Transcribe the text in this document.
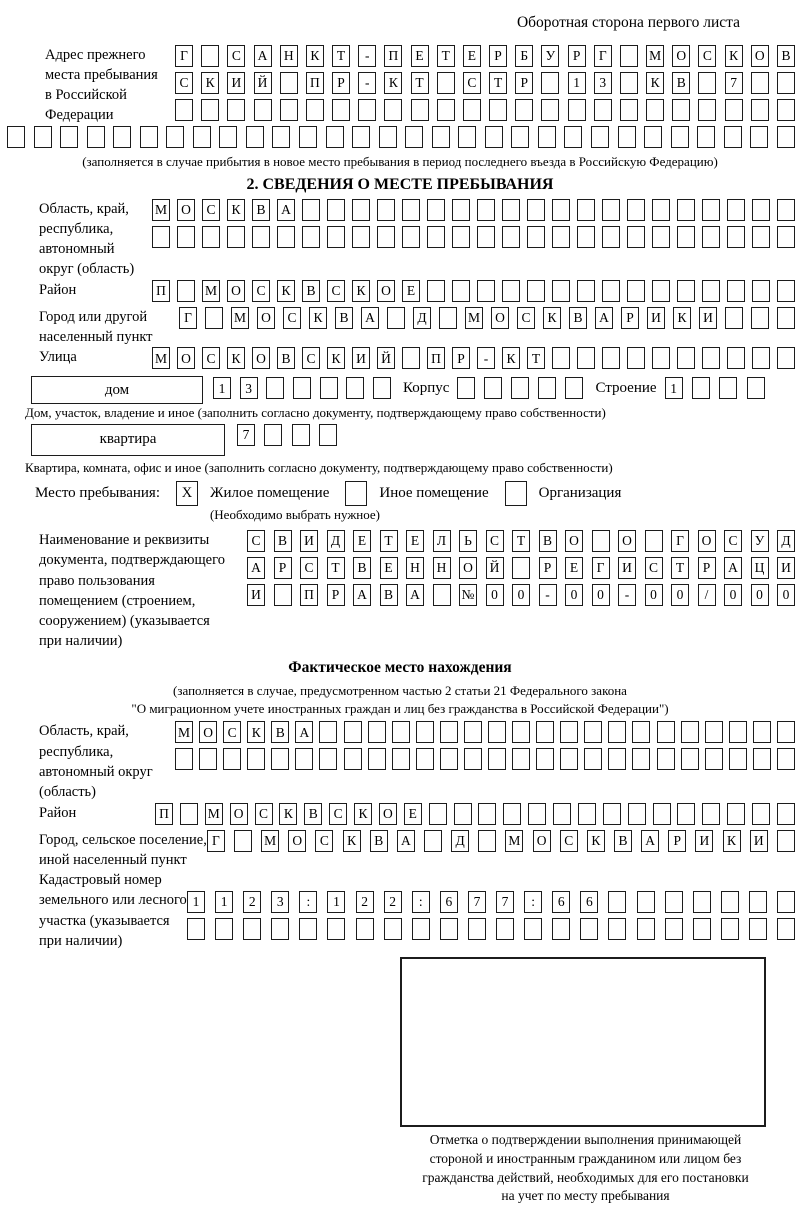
Оборотная сторона первого листа
Адрес прежнего
места пребывания
в Российской
Федерации
Г	С	А	Н	К	Т	-	П	Е	Т	Е	Р	Б	У	Р	Г	М	О	С	К	О	В
С	К	И	Й	П	Р	-	К	Т	С	Т	Р	1	3	К	В	7
(заполняется в случае прибытия в новое место пребывания в период последнего въезда в Российскую Федерацию)
2. СВЕДЕНИЯ О МЕСТЕ ПРЕБЫВАНИЯ
Область, край,
республика,
автономный
округ (область)
М	О	С	К	В	А
Район	П	М	О	С	К	В	С	К	О	Е
Город или другой
населенный пункт
Г	М	О	С	К	В	А	Д	М	О	С	К	В	А	Р	И	К	И
Улица	М	О	С	К	О	В	С	К	И	Й	П	Р	-	К	Т
дом	1	3	Корпус	Строение	1
Дом, участок, владение и иное (заполнить согласно документу, подтверждающему право собственности)
квартира	7
Квартира, комната, офис и иное (заполнить согласно документу, подтверждающему право собственности)
Место пребывания:	X	Жилое помещение	Иное помещение	Организация
(Необходимо выбрать нужное)
Наименование и реквизиты
документа, подтверждающего
право пользования
помещением (строением,
сооружением) (указывается
при наличии)
С	В	И	Д	Е	Т	Е	Л	Ь	С	Т	В	О	О	Г	О	С	У	Д
А	Р	С	Т	В	Е	Н	Н	О	Й	Р	Е	Г	И	С	Т	Р	А	Ц	И
И	П	Р	А	В	А	№	0	0	-	0	0	-	0	0	/	0	0	0
Фактическое место нахождения
(заполняется в случае, предусмотренном частью 2 статьи 21 Федерального закона
"О миграционном учете иностранных граждан и лиц без гражданства в Российской Федерации")
Область, край,
республика,
автономный округ
(область)
М О	С	К	В	А
Район	П	М	О	С	К	В	С	К	О	Е
Город, сельское поселение,
иной населенный пункт
Г	М	О	С	К	В	А	Д	М	О	С	К	В	А	Р	И	К	И
Кадастровый номер
земельного или лесного
участка (указывается
при наличии)
1	1	2	3	:	1	2	2	:	6	7	7	:	6	6
Отметка о подтверждении выполнения принимающей
стороной и иностранным гражданином или лицом без
гражданства действий, необходимых для его постановки
на учет по месту пребывания
